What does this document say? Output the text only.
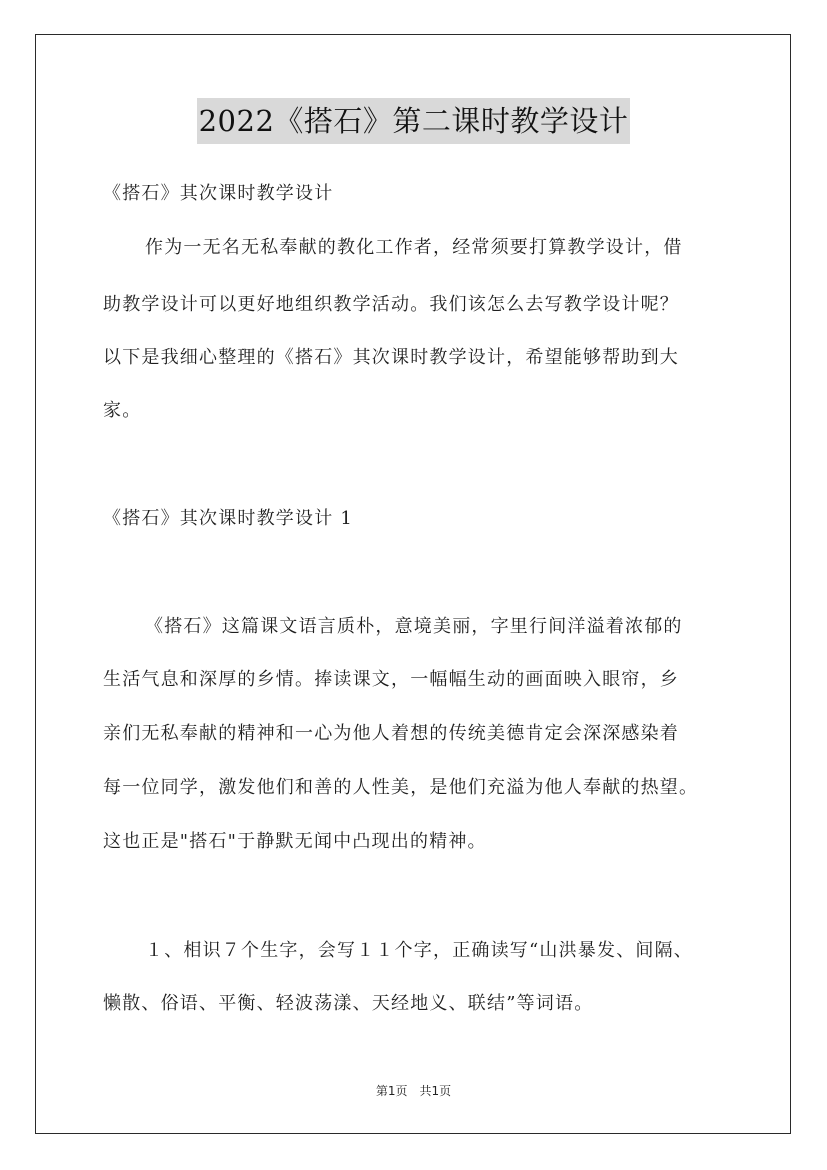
2022《搭石》第二课时教学设计
《搭石》其次课时教学设计
作为一无名无私奉献的教化工作者，经常须要打算教学设计，借
助教学设计可以更好地组织教学活动。我们该怎么去写教学设计呢？
以下是我细心整理的《搭石》其次课时教学设计，希望能够帮助到大
家。
《搭石》其次课时教学设计 1
《搭石》这篇课文语言质朴，意境美丽，字里行间洋溢着浓郁的
生活气息和深厚的乡情。捧读课文，一幅幅生动的画面映入眼帘，乡
亲们无私奉献的精神和一心为他人着想的传统美德肯定会深深感染着
每一位同学，激发他们和善的人性美，是他们充溢为他人奉献的热望。
这也正是"搭石"于静默无闻中凸现出的精神。
１、相识７个生字，会写１１个字，正确读写“山洪暴发、间隔、
懒散、俗语、平衡、轻波荡漾、天经地义、联结”等词语。
第1页　共1页
